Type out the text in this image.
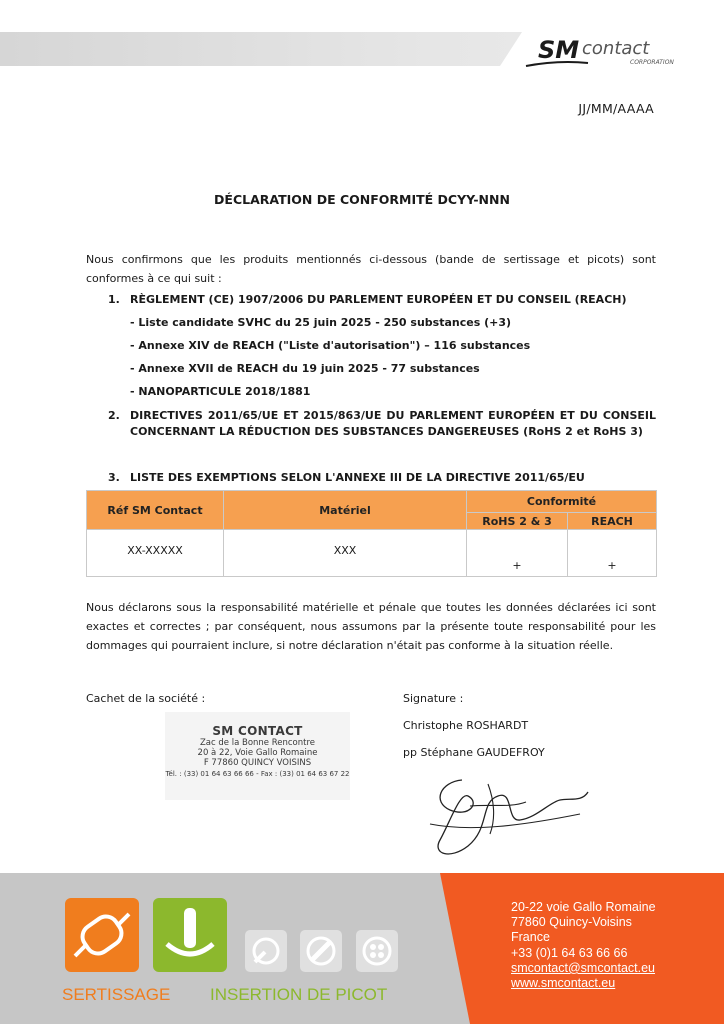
SM contact
CORPORATION
JJ/MM/AAAA
DÉCLARATION DE CONFORMITÉ DCYY-NNN
Nous confirmons que les produits mentionnés ci-dessous (bande de sertissage et picots) sont conformes à ce qui suit :
1. RÈGLEMENT (CE) 1907/2006 DU PARLEMENT EUROPÉEN ET DU CONSEIL (REACH)
- Liste candidate SVHC du 25 juin 2025 - 250 substances (+3)
- Annexe XIV de REACH ("Liste d'autorisation") – 116 substances
- Annexe XVII de REACH du 19 juin 2025 - 77 substances
- NANOPARTICULE 2018/1881
2. DIRECTIVES 2011/65/UE ET 2015/863/UE DU PARLEMENT EUROPÉEN ET DU CONSEIL CONCERNANT LA RÉDUCTION DES SUBSTANCES DANGEREUSES (RoHS 2 et RoHS 3)
3. LISTE DES EXEMPTIONS SELON L'ANNEXE III DE LA DIRECTIVE 2011/65/EU
Réf SM Contact	Matériel	Conformité	
		RoHS 2 & 3	REACH
XX-XXXXX	XXX	+	+
Nous déclarons sous la responsabilité matérielle et pénale que toutes les données déclarées ici sont exactes et correctes ; par conséquent, nous assumons par la présente toute responsabilité pour les dommages qui pourraient inclure, si notre déclaration n'était pas conforme à la situation réelle.
Cachet de la société :
SM CONTACT
Zac de la Bonne Rencontre
20 à 22, Voie Gallo Romaine
F 77860 QUINCY VOISINS
Tél. : (33) 01 64 63 66 66 - Fax : (33) 01 64 63 67 22
Signature :
Christophe ROSHARDT
pp Stéphane GAUDEFROY
SERTISSAGE INSERTION DE PICOT
20-22 voie Gallo Romaine
77860 Quincy-Voisins
France
+33 (0)1 64 63 66 66
smcontact@smcontact.eu
www.smcontact.eu
